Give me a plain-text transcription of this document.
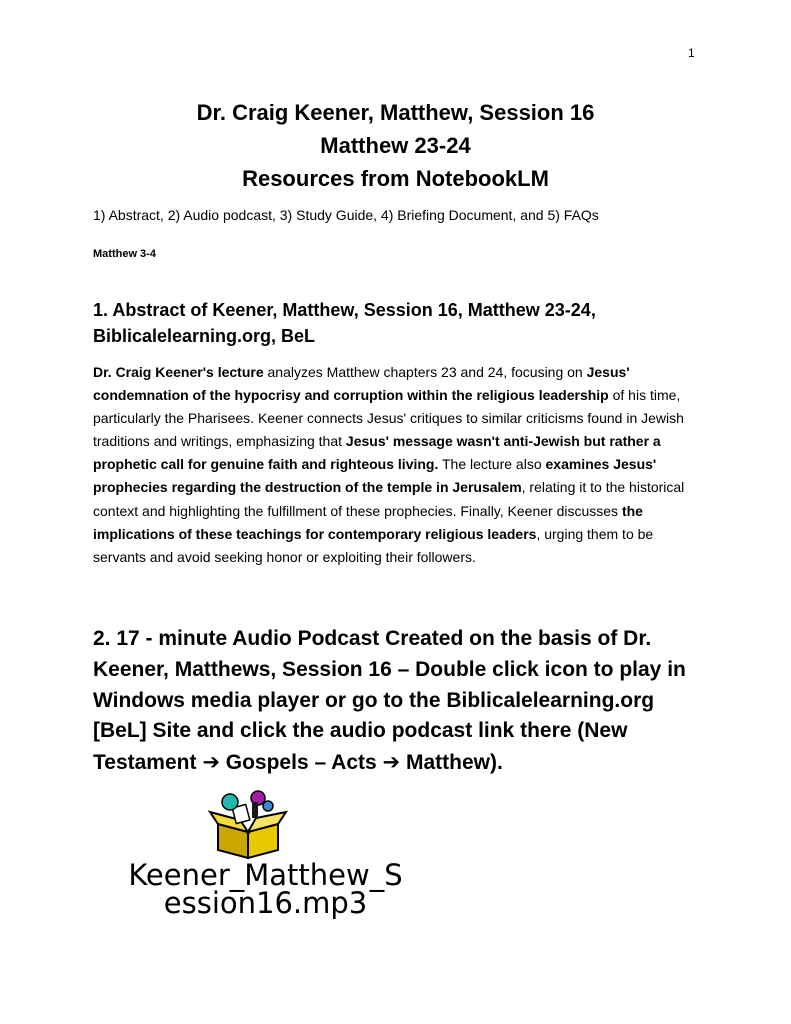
1
Dr. Craig Keener, Matthew, Session 16
Matthew 23-24
Resources from NotebookLM
1) Abstract, 2) Audio podcast, 3) Study Guide, 4) Briefing Document, and 5) FAQs
Matthew 3-4
1. Abstract of Keener, Matthew, Session 16, Matthew 23-24,
Biblicalelearning.org, BeL
Dr. Craig Keener's lecture analyzes Matthew chapters 23 and 24, focusing on Jesus' condemnation of the hypocrisy and corruption within the religious leadership of his time, particularly the Pharisees. Keener connects Jesus' critiques to similar criticisms found in Jewish traditions and writings, emphasizing that Jesus' message wasn't anti-Jewish but rather a prophetic call for genuine faith and righteous living. The lecture also examines Jesus' prophecies regarding the destruction of the temple in Jerusalem, relating it to the historical context and highlighting the fulfillment of these prophecies. Finally, Keener discusses the implications of these teachings for contemporary religious leaders, urging them to be servants and avoid seeking honor or exploiting their followers.
2. 17 - minute Audio Podcast Created on the basis of Dr. Keener, Matthews, Session 16 – Double click icon to play in Windows media player or go to the Biblicalelearning.org [BeL] Site and click the audio podcast link there (New Testament ➔ Gospels – Acts ➔ Matthew).
Keener_Matthew_S
ession16.mp3
